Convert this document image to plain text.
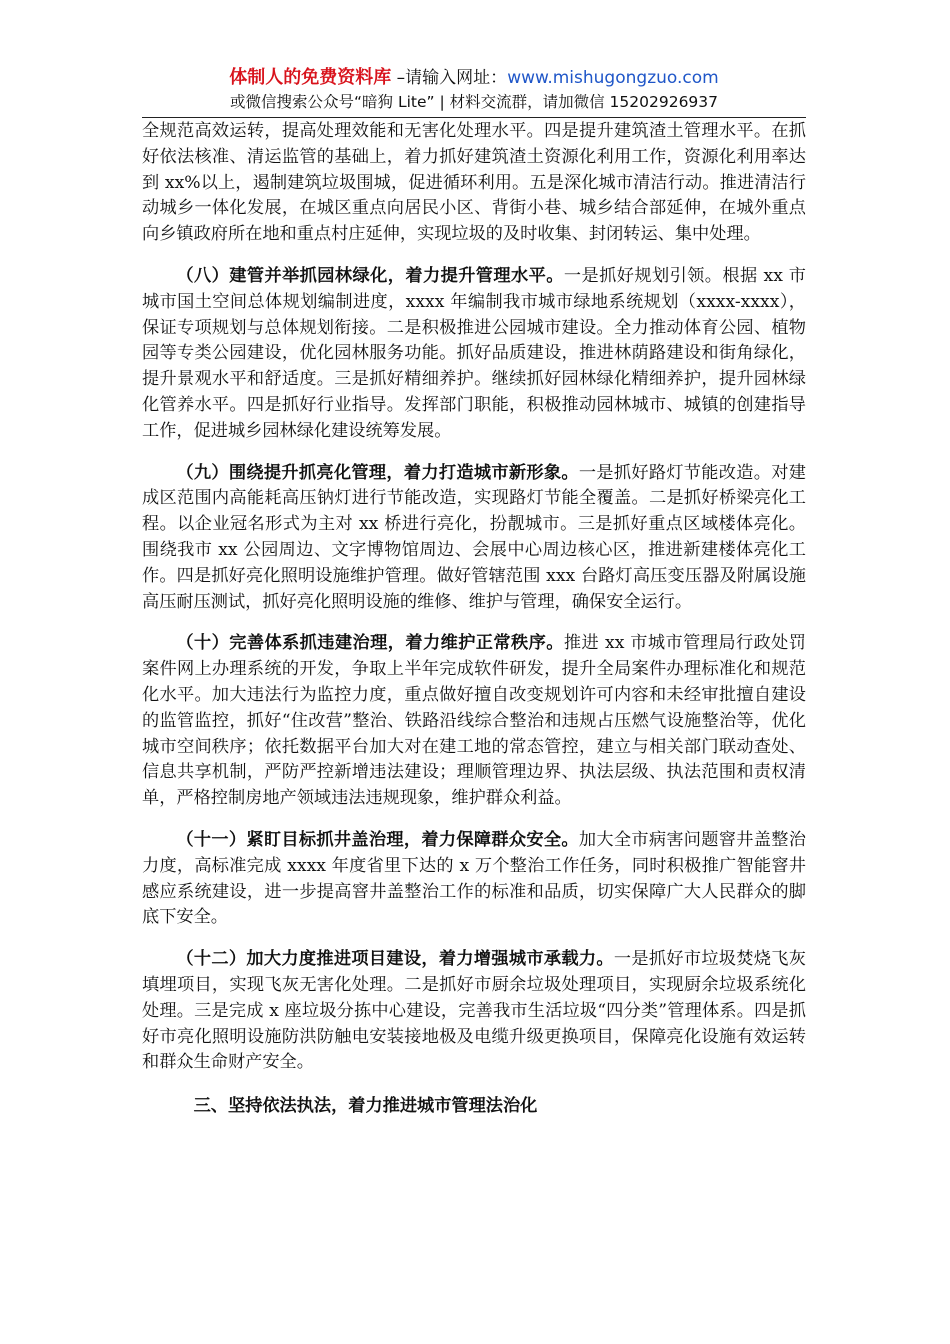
体制人的免费资料库 –请输入网址：www.mishugongzuo.com
或微信搜索公众号“暗狗 Lite” | 材料交流群，请加微信 15202926937

全规范高效运转，提高处理效能和无害化处理水平。四是提升建筑渣土管理水平。在抓好依法核准、清运监管的基础上，着力抓好建筑渣土资源化利用工作，资源化利用率达到 xx%以上，遏制建筑垃圾围城，促进循环利用。五是深化城市清洁行动。推进清洁行动城乡一体化发展，在城区重点向居民小区、背街小巷、城乡结合部延伸，在城外重点向乡镇政府所在地和重点村庄延伸，实现垃圾的及时收集、封闭转运、集中处理。

（八）建管并举抓园林绿化，着力提升管理水平。一是抓好规划引领。根据 xx 市城市国土空间总体规划编制进度，xxxx 年编制我市城市绿地系统规划（xxxx-xxxx），保证专项规划与总体规划衔接。二是积极推进公园城市建设。全力推动体育公园、植物园等专类公园建设，优化园林服务功能。抓好品质建设，推进林荫路建设和街角绿化，提升景观水平和舒适度。三是抓好精细养护。继续抓好园林绿化精细养护，提升园林绿化管养水平。四是抓好行业指导。发挥部门职能，积极推动园林城市、城镇的创建指导工作，促进城乡园林绿化建设统筹发展。

（九）围绕提升抓亮化管理，着力打造城市新形象。一是抓好路灯节能改造。对建成区范围内高能耗高压钠灯进行节能改造，实现路灯节能全覆盖。二是抓好桥梁亮化工程。以企业冠名形式为主对 xx 桥进行亮化，扮靓城市。三是抓好重点区域楼体亮化。围绕我市 xx 公园周边、文字博物馆周边、会展中心周边核心区，推进新建楼体亮化工作。四是抓好亮化照明设施维护管理。做好管辖范围 xxx 台路灯高压变压器及附属设施高压耐压测试，抓好亮化照明设施的维修、维护与管理，确保安全运行。

（十）完善体系抓违建治理，着力维护正常秩序。推进 xx 市城市管理局行政处罚案件网上办理系统的开发，争取上半年完成软件研发，提升全局案件办理标准化和规范化水平。加大违法行为监控力度，重点做好擅自改变规划许可内容和未经审批擅自建设的监管监控，抓好“住改营”整治、铁路沿线综合整治和违规占压燃气设施整治等，优化城市空间秩序；依托数据平台加大对在建工地的常态管控，建立与相关部门联动查处、信息共享机制，严防严控新增违法建设；理顺管理边界、执法层级、执法范围和责权清单，严格控制房地产领域违法违规现象，维护群众利益。

（十一）紧盯目标抓井盖治理，着力保障群众安全。加大全市病害问题窨井盖整治力度，高标准完成 xxxx 年度省里下达的 x 万个整治工作任务，同时积极推广智能窨井感应系统建设，进一步提高窨井盖整治工作的标准和品质，切实保障广大人民群众的脚底下安全。

（十二）加大力度推进项目建设，着力增强城市承载力。一是抓好市垃圾焚烧飞灰填埋项目，实现飞灰无害化处理。二是抓好市厨余垃圾处理项目，实现厨余垃圾系统化处理。三是完成 x 座垃圾分拣中心建设，完善我市生活垃圾“四分类”管理体系。四是抓好市亮化照明设施防洪防触电安装接地极及电缆升级更换项目，保障亮化设施有效运转和群众生命财产安全。

三、坚持依法执法，着力推进城市管理法治化
